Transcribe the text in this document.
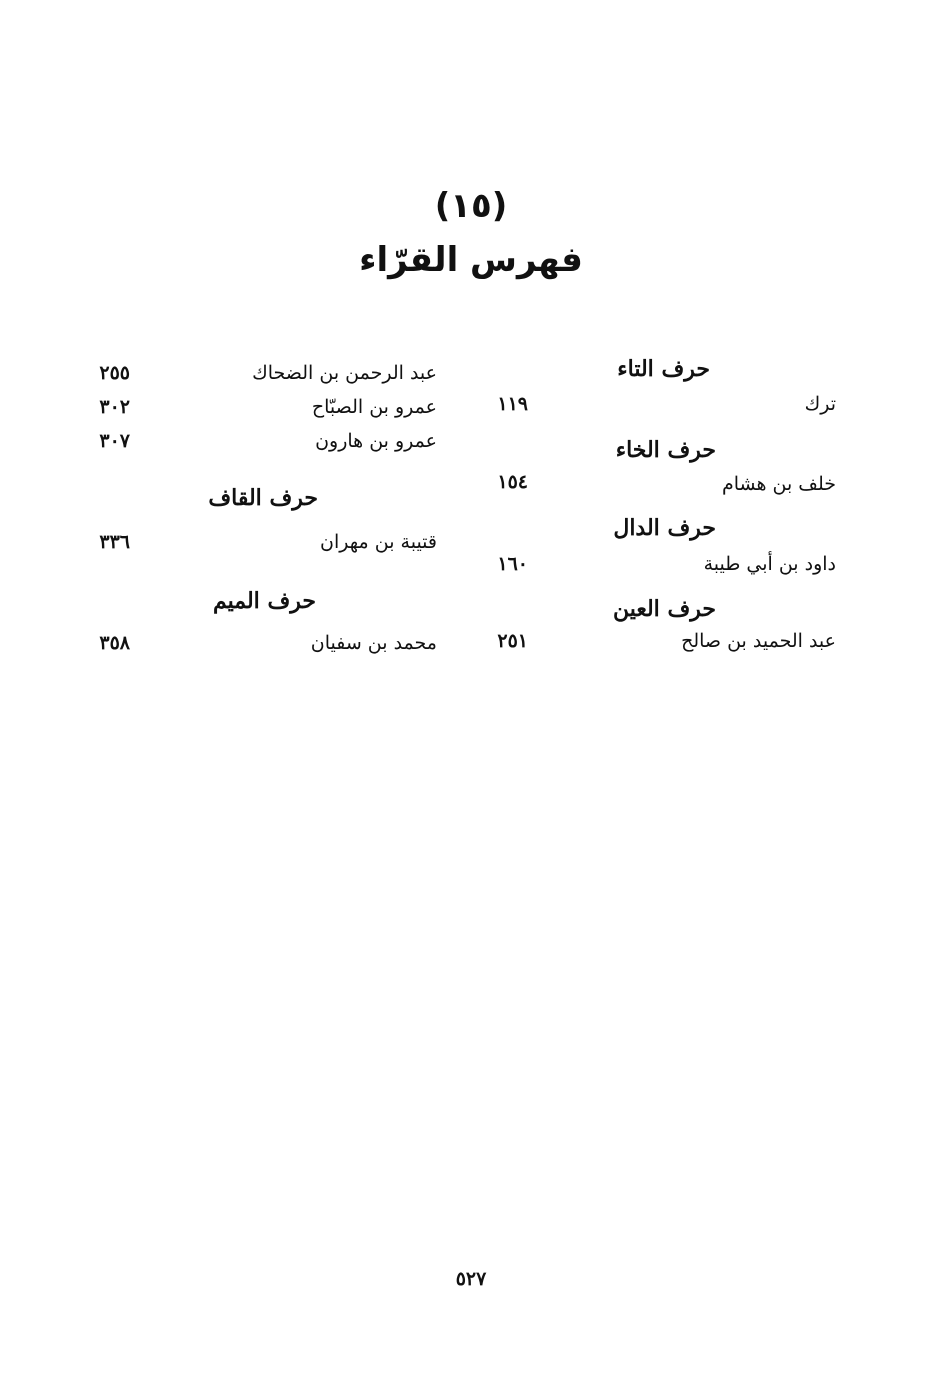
(١٥)
فهرس القرّاء
حرف التاء
ترك
١١٩
حرف الخاء
خلف بن هشام
١٥٤
حرف الدال
داود بن أبي طيبة
١٦٠
حرف العين
عبد الحميد بن صالح
٢٥١
عبد الرحمن بن الضحاك
٢٥٥
عمرو بن الصبّاح
٣٠٢
عمرو بن هارون
٣٠٧
حرف القاف
قتيبة بن مهران
٣٣٦
حرف الميم
محمد بن سفيان
٣٥٨
٥٢٧
